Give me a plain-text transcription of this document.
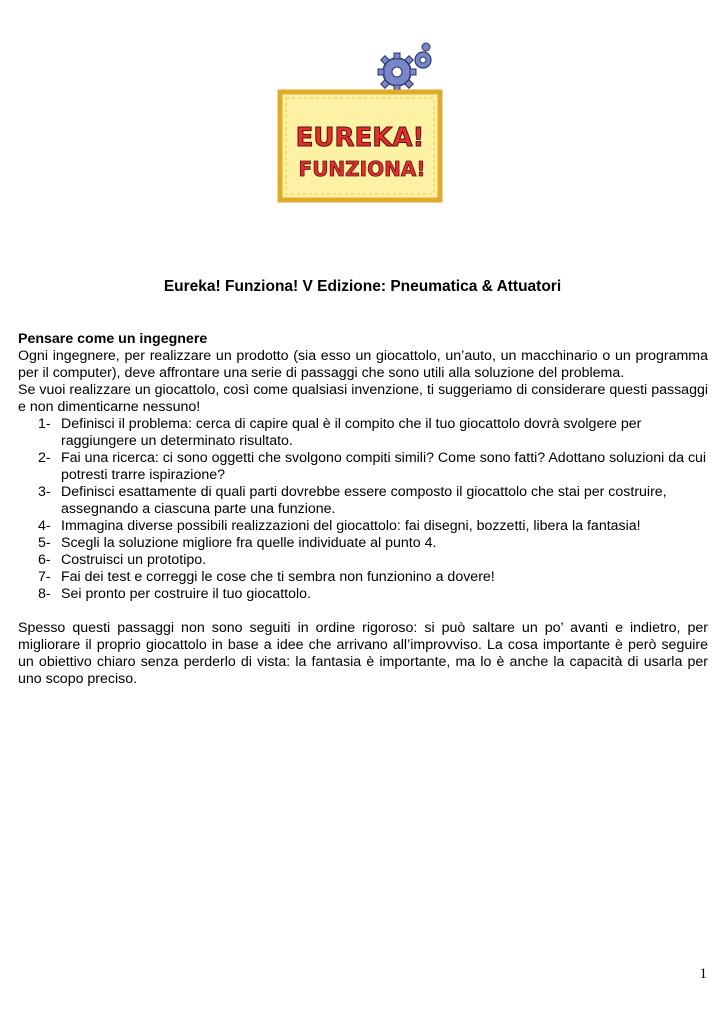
EUREKA!
FUNZIONA!
Eureka! Funziona! V Edizione: Pneumatica & Attuatori

Pensare come un ingegnere

Ogni ingegnere, per realizzare un prodotto (sia esso un giocattolo, un’auto, un macchinario o un programma per il computer), deve affrontare una serie di passaggi che sono utili alla soluzione del problema.

Se vuoi realizzare un giocattolo, così come qualsiasi invenzione, ti suggeriamo di considerare questi passaggi e non dimenticarne nessuno!

1- Definisci il problema: cerca di capire qual è il compito che il tuo giocattolo dovrà svolgere per raggiungere un determinato risultato.
2- Fai una ricerca: ci sono oggetti che svolgono compiti simili? Come sono fatti? Adottano soluzioni da cui potresti trarre ispirazione?
3- Definisci esattamente di quali parti dovrebbe essere composto il giocattolo che stai per costruire, assegnando a ciascuna parte una funzione.
4- Immagina diverse possibili realizzazioni del giocattolo: fai disegni, bozzetti, libera la fantasia!
5- Scegli la soluzione migliore fra quelle individuate al punto 4.
6- Costruisci un prototipo.
7- Fai dei test e correggi le cose che ti sembra non funzionino a dovere!
8- Sei pronto per costruire il tuo giocattolo.

Spesso questi passaggi non sono seguiti in ordine rigoroso: si può saltare un po’ avanti e indietro, per migliorare il proprio giocattolo in base a idee che arrivano all’improvviso. La cosa importante è però seguire un obiettivo chiaro senza perderlo di vista: la fantasia è importante, ma lo è anche la capacità di usarla per uno scopo preciso.

1
